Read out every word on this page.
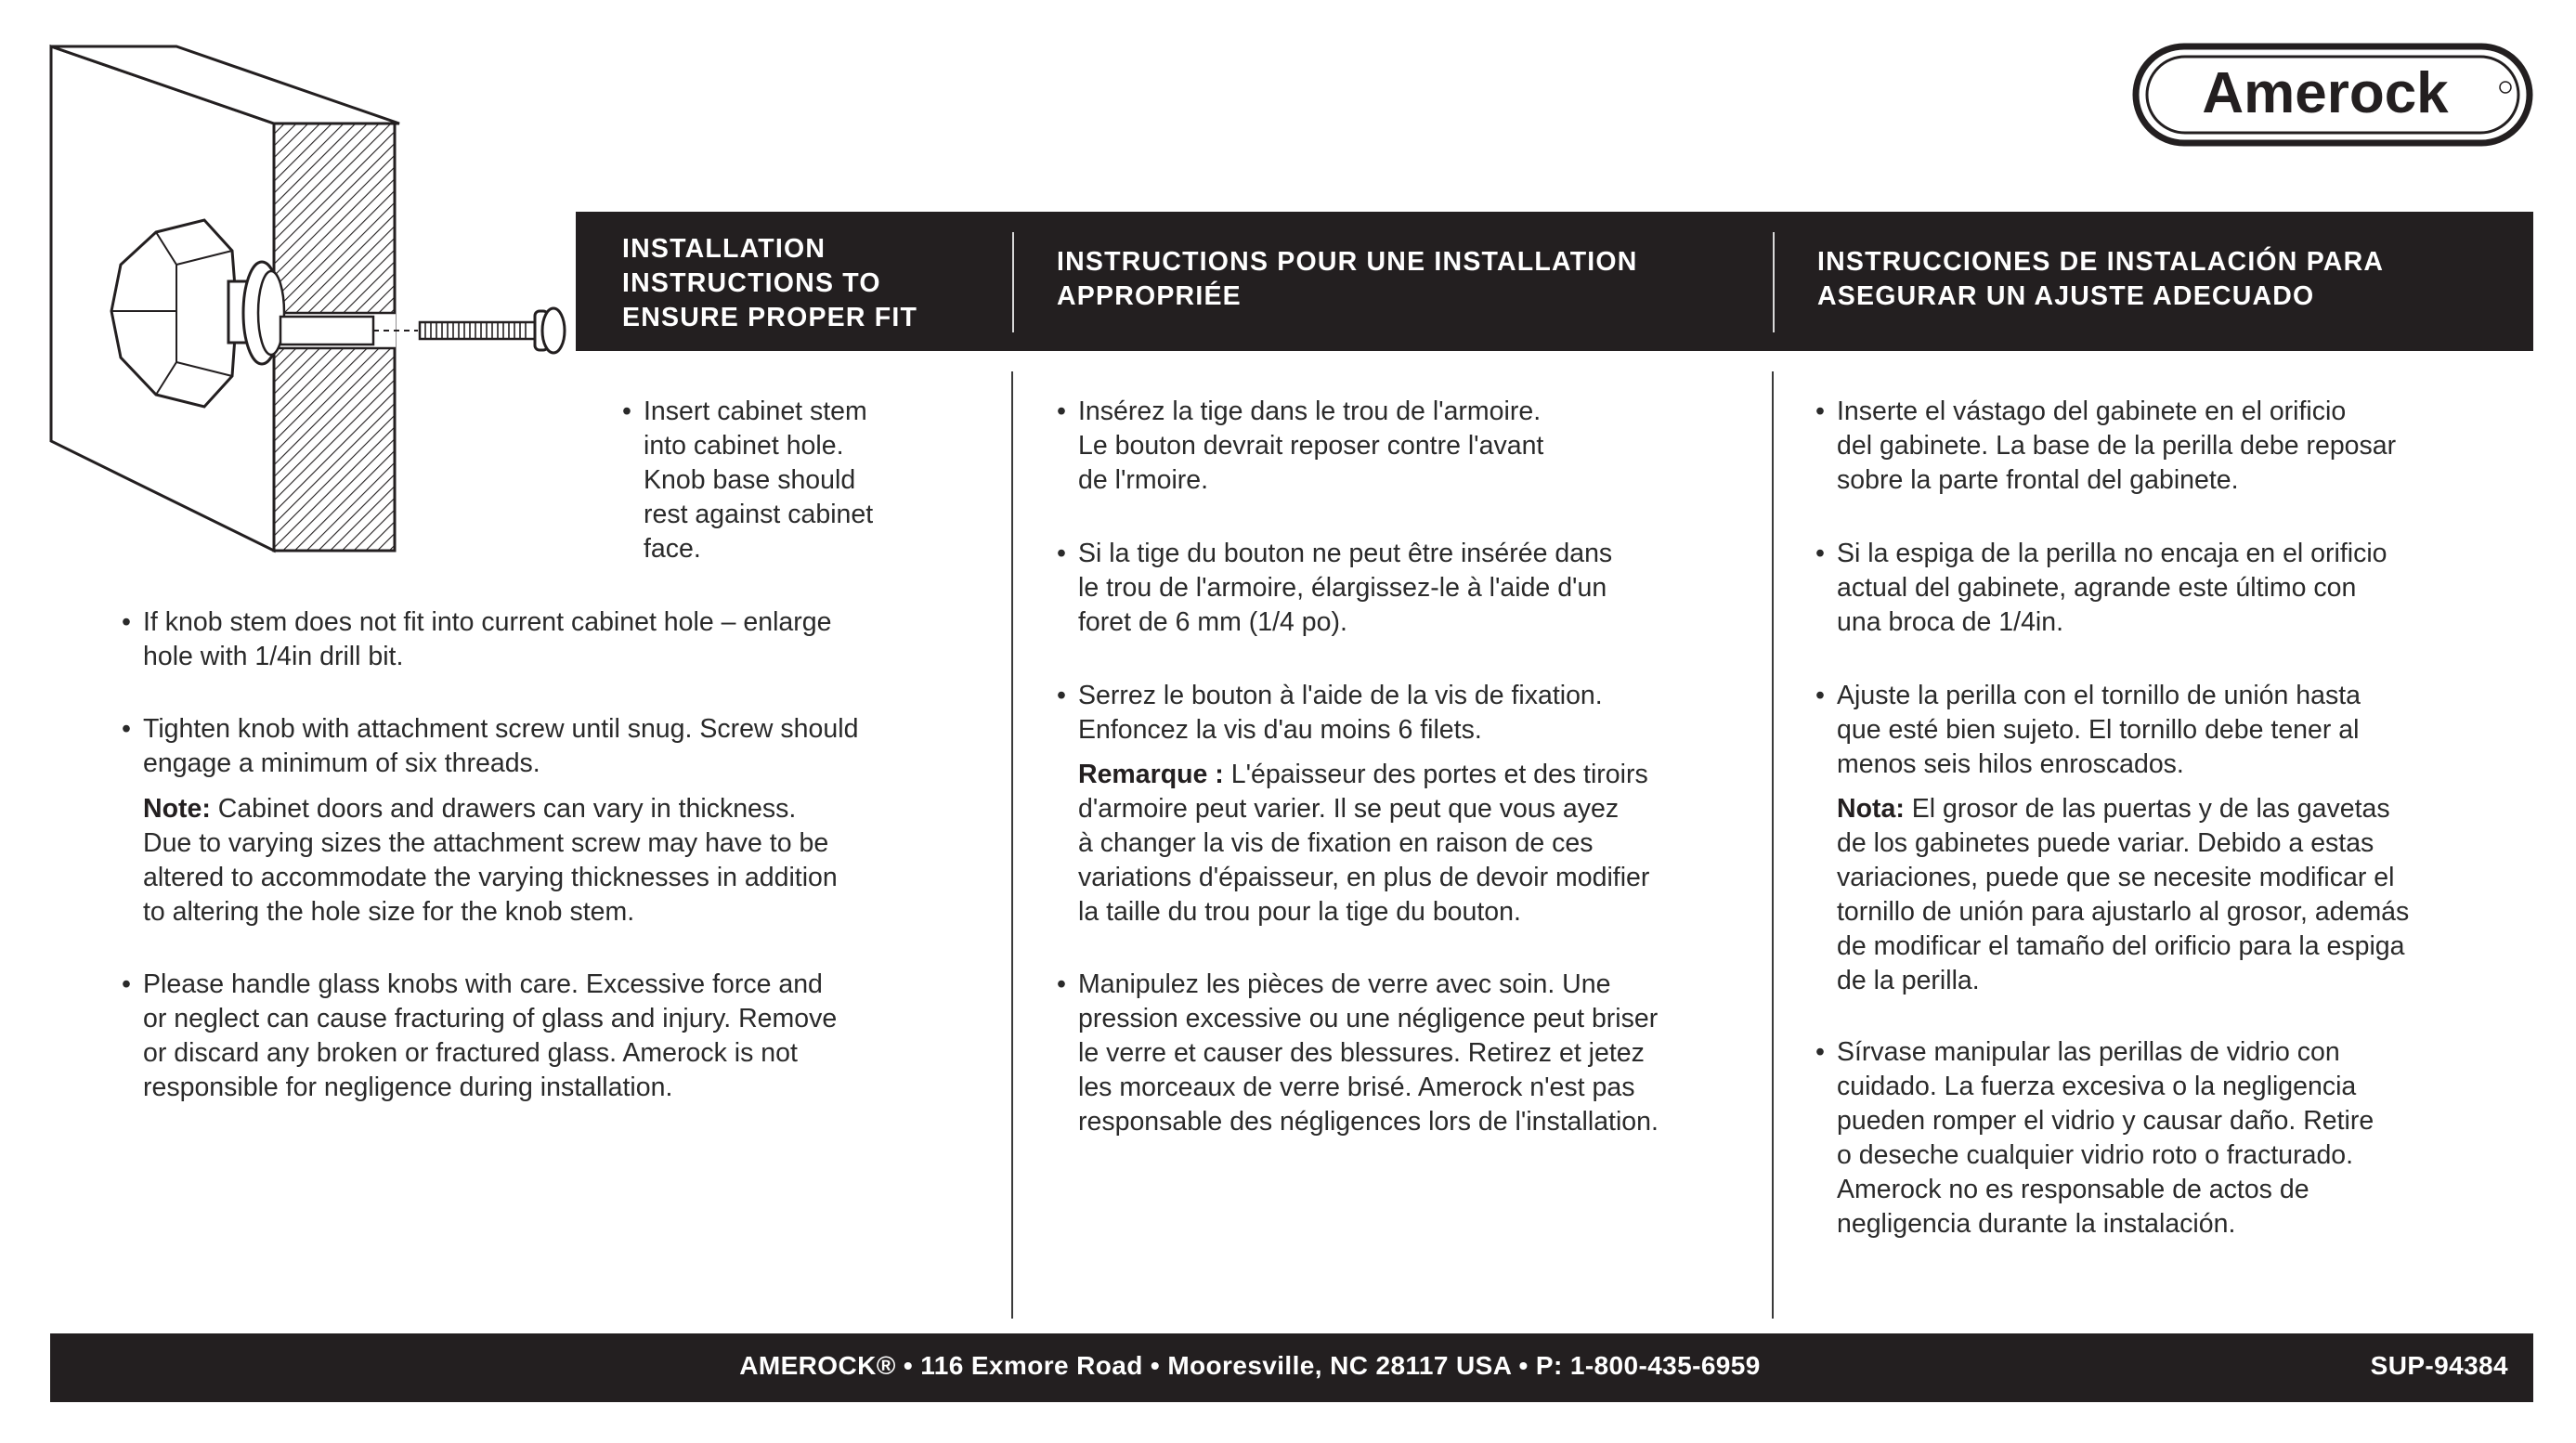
Amerock
INSTALLATION
INSTRUCTIONS TO
ENSURE PROPER FIT
INSTRUCTIONS POUR UNE INSTALLATION
APPROPRIÉE
INSTRUCCIONES DE INSTALACIÓN PARA
ASEGURAR UN AJUSTE ADECUADO
• Insert cabinet stem
into cabinet hole.
Knob base should
rest against cabinet
face.
• If knob stem does not fit into current cabinet hole – enlarge
hole with 1/4in drill bit.
• Tighten knob with attachment screw until snug. Screw should
engage a minimum of six threads.
Note: Cabinet doors and drawers can vary in thickness.
Due to varying sizes the attachment screw may have to be
altered to accommodate the varying thicknesses in addition
to altering the hole size for the knob stem.
• Please handle glass knobs with care. Excessive force and
or neglect can cause fracturing of glass and injury. Remove
or discard any broken or fractured glass. Amerock is not
responsible for negligence during installation.
• Insérez la tige dans le trou de l'armoire.
Le bouton devrait reposer contre l'avant
de l'rmoire.
• Si la tige du bouton ne peut être insérée dans
le trou de l'armoire, élargissez-le à l'aide d'un
foret de 6 mm (1/4 po).
• Serrez le bouton à l'aide de la vis de fixation.
Enfoncez la vis d'au moins 6 filets.
Remarque : L'épaisseur des portes et des tiroirs
d'armoire peut varier. Il se peut que vous ayez
à changer la vis de fixation en raison de ces
variations d'épaisseur, en plus de devoir modifier
la taille du trou pour la tige du bouton.
• Manipulez les pièces de verre avec soin. Une
pression excessive ou une négligence peut briser
le verre et causer des blessures. Retirez et jetez
les morceaux de verre brisé. Amerock n'est pas
responsable des négligences lors de l'installation.
• Inserte el vástago del gabinete en el orificio
del gabinete. La base de la perilla debe reposar
sobre la parte frontal del gabinete.
• Si la espiga de la perilla no encaja en el orificio
actual del gabinete, agrande este último con
una broca de 1/4in.
• Ajuste la perilla con el tornillo de unión hasta
que esté bien sujeto. El tornillo debe tener al
menos seis hilos enroscados.
Nota: El grosor de las puertas y de las gavetas
de los gabinetes puede variar. Debido a estas
variaciones, puede que se necesite modificar el
tornillo de unión para ajustarlo al grosor, además
de modificar el tamaño del orificio para la espiga
de la perilla.
• Sírvase manipular las perillas de vidrio con
cuidado. La fuerza excesiva o la negligencia
pueden romper el vidrio y causar daño. Retire
o deseche cualquier vidrio roto o fracturado.
Amerock no es responsable de actos de
negligencia durante la instalación.
AMEROCK® • 116 Exmore Road • Mooresville, NC 28117 USA • P: 1-800-435-6959	SUP-94384
